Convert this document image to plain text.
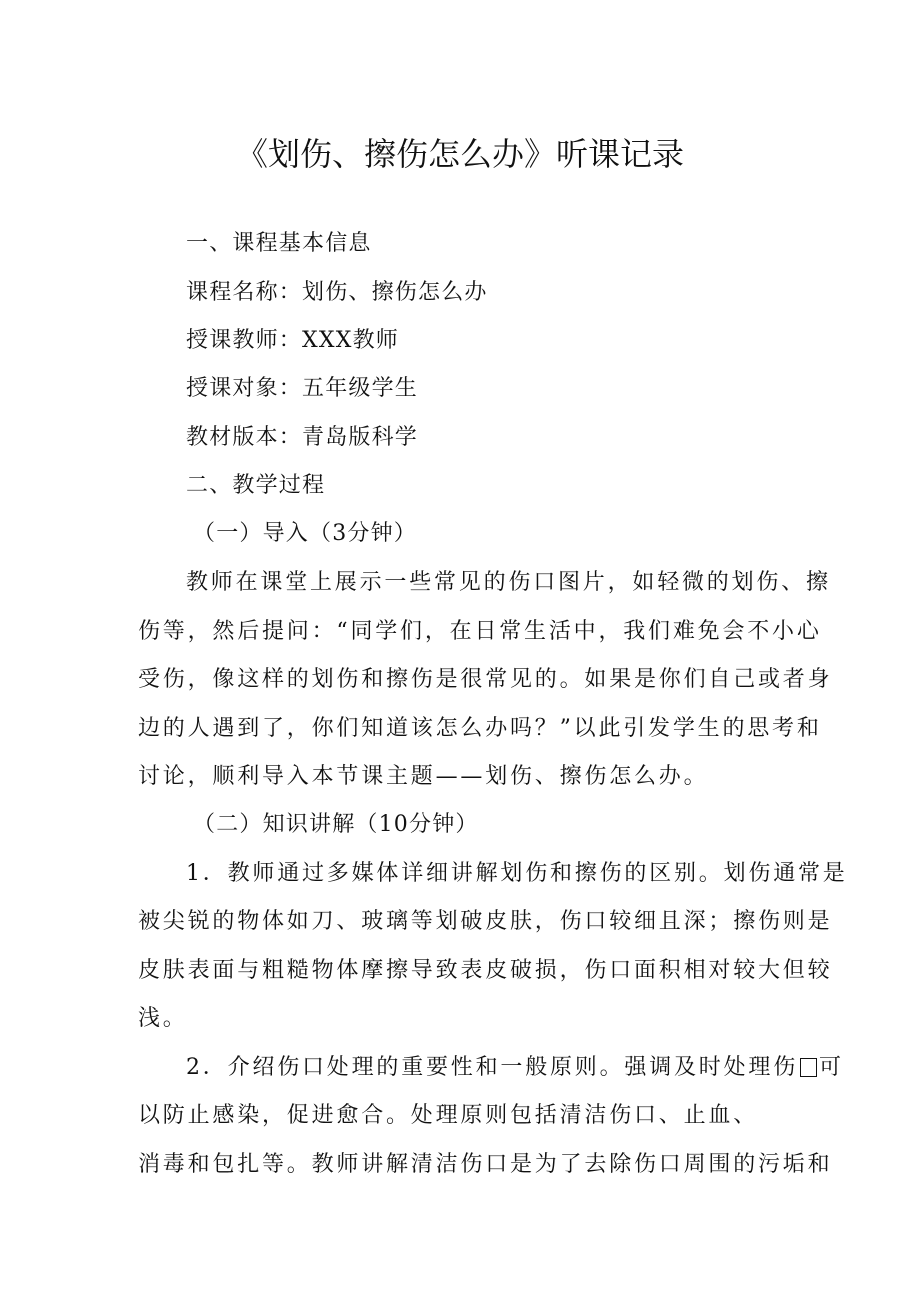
《划伤、擦伤怎么办》听课记录
一、课程基本信息
课程名称：划伤、擦伤怎么办
授课教师：XXX教师
授课对象：五年级学生
教材版本：青岛版科学
二、教学过程
（一）导入（3分钟）
教师在课堂上展示一些常见的伤口图片，如轻微的划伤、擦
伤等，然后提问：“同学们，在日常生活中，我们难免会不小心
受伤，像这样的划伤和擦伤是很常见的。如果是你们自己或者身
边的人遇到了，你们知道该怎么办吗？”以此引发学生的思考和
讨论，顺利导入本节课主题——划伤、擦伤怎么办。
（二）知识讲解（10分钟）
1．教师通过多媒体详细讲解划伤和擦伤的区别。划伤通常是
被尖锐的物体如刀、玻璃等划破皮肤，伤口较细且深；擦伤则是
皮肤表面与粗糙物体摩擦导致表皮破损，伤口面积相对较大但较
浅。
2．介绍伤口处理的重要性和一般原则。强调及时处理伤 可
以防止感染，促进愈合。处理原则包括清洁伤口、止血、
消毒和包扎等。教师讲解清洁伤口是为了去除伤口周围的污垢和
